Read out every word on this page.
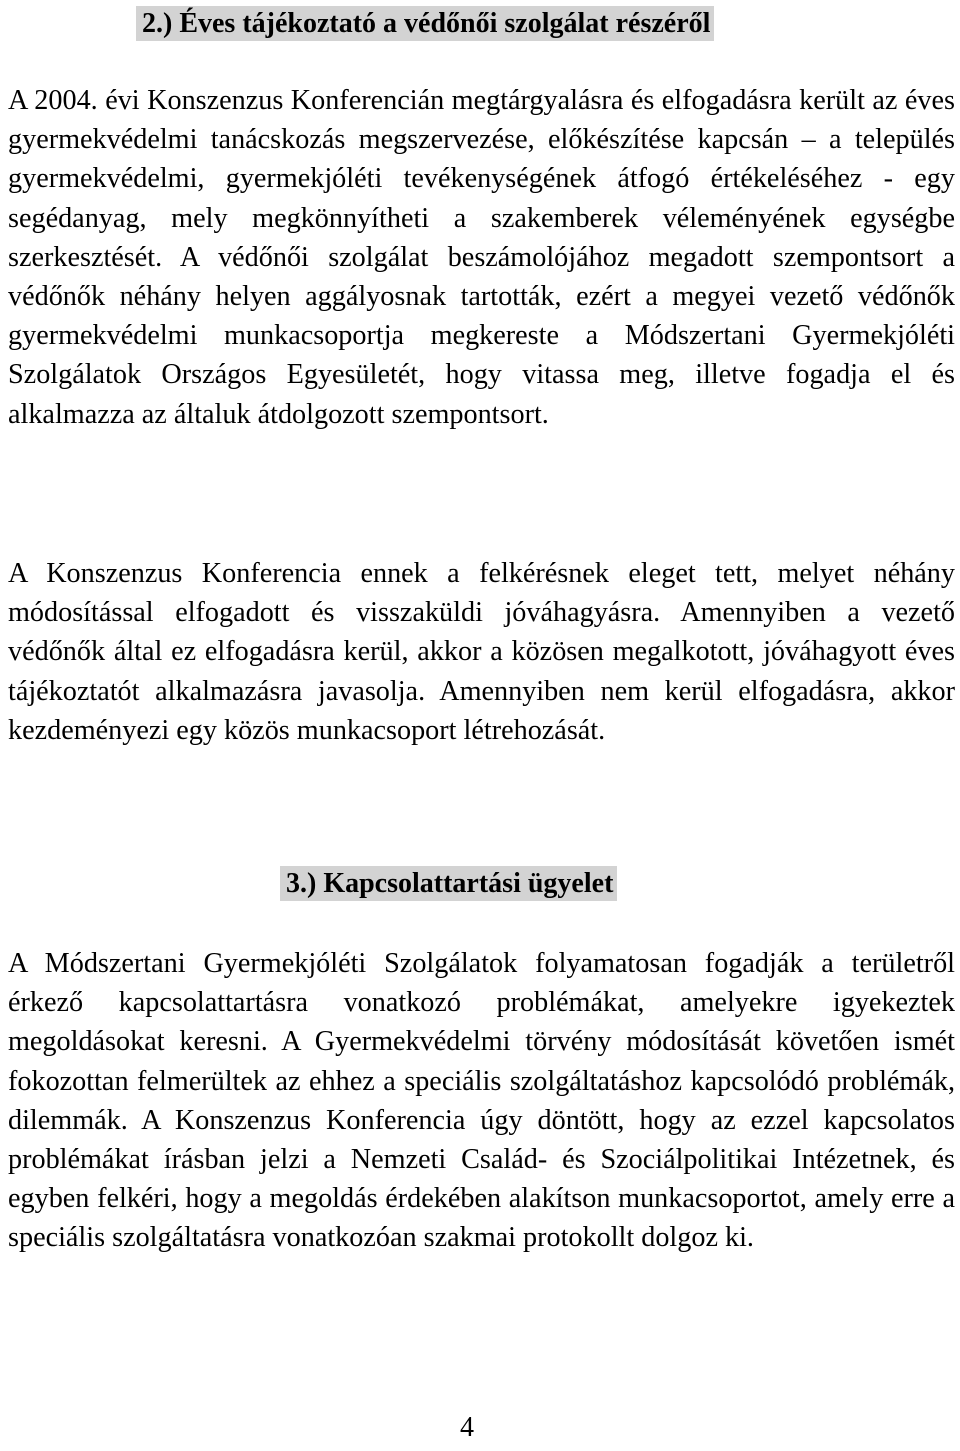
2.) Éves tájékoztató a védőnői szolgálat részéről

A 2004. évi Konszenzus Konferencián megtárgyalásra és elfogadásra került az éves gyermekvédelmi tanácskozás megszervezése, előkészítése kapcsán – a település gyermekvédelmi, gyermekjóléti tevékenységének átfogó értékeléséhez - egy segédanyag, mely megkönnyítheti a szakemberek véleményének egységbe szerkesztését. A védőnői szolgálat beszámolójához megadott szempontsort a védőnők néhány helyen aggályosnak tartották, ezért a megyei vezető védőnők gyermekvédelmi munkacsoportja megkereste a Módszertani Gyermekjóléti Szolgálatok Országos Egyesületét, hogy vitassa meg, illetve fogadja el és alkalmazza az általuk átdolgozott szempontsort.

A Konszenzus Konferencia ennek a felkérésnek eleget tett, melyet néhány módosítással elfogadott és visszaküldi jóváhagyásra. Amennyiben a vezető védőnők által ez elfogadásra kerül, akkor a közösen megalkotott, jóváhagyott éves tájékoztatót alkalmazásra javasolja. Amennyiben nem kerül elfogadásra, akkor kezdeményezi egy közös munkacsoport létrehozását.

3.) Kapcsolattartási ügyelet

A Módszertani Gyermekjóléti Szolgálatok folyamatosan fogadják a területről érkező kapcsolattartásra vonatkozó problémákat, amelyekre igyekeztek megoldásokat keresni. A Gyermekvédelmi törvény módosítását követően ismét fokozottan felmerültek az ehhez a speciális szolgáltatáshoz kapcsolódó problémák, dilemmák. A Konszenzus Konferencia úgy döntött, hogy az ezzel kapcsolatos problémákat írásban jelzi a Nemzeti Család- és Szociálpolitikai Intézetnek, és egyben felkéri, hogy a megoldás érdekében alakítson munkacsoportot, amely erre a speciális szolgáltatásra vonatkozóan szakmai protokollt dolgoz ki.

4
